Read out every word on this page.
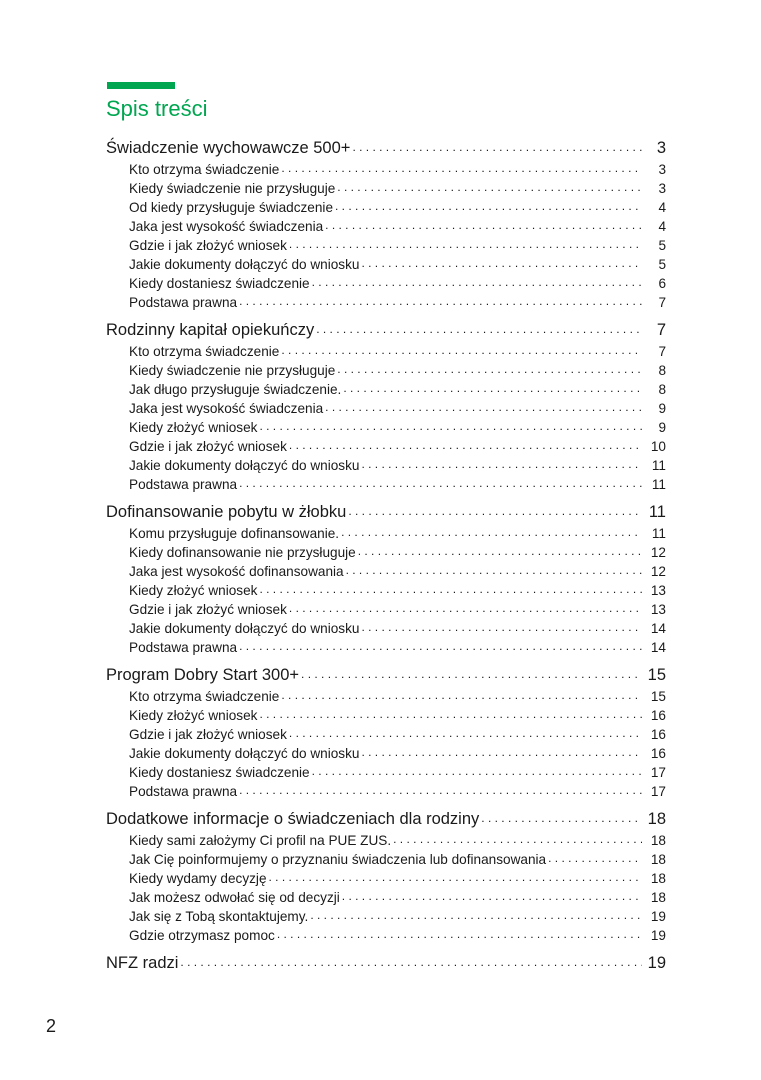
Spis treści
Świadczenie wychowawcze 500+ . . .	3
Kto otrzyma świadczenie . . .	3
Kiedy świadczenie nie przysługuje . . .	3
Od kiedy przysługuje świadczenie . . .	4
Jaka jest wysokość świadczenia . . .	4
Gdzie i jak złożyć wniosek . . .	5
Jakie dokumenty dołączyć do wniosku . . .	5
Kiedy dostaniesz świadczenie . . .	6
Podstawa prawna . . .	7
Rodzinny kapitał opiekuńczy . . .	7
Kto otrzyma świadczenie . . .	7
Kiedy świadczenie nie przysługuje . . .	8
Jak długo przysługuje świadczenie. . . .	8
Jaka jest wysokość świadczenia . . .	9
Kiedy złożyć wniosek . . .	9
Gdzie i jak złożyć wniosek . . .	10
Jakie dokumenty dołączyć do wniosku . . .	11
Podstawa prawna . . .	11
Dofinansowanie pobytu w żłobku . . .	11
Komu przysługuje dofinansowanie. . . .	11
Kiedy dofinansowanie nie przysługuje . . .	12
Jaka jest wysokość dofinansowania . . .	12
Kiedy złożyć wniosek . . .	13
Gdzie i jak złożyć wniosek . . .	13
Jakie dokumenty dołączyć do wniosku . . .	14
Podstawa prawna . . .	14
Program Dobry Start 300+ . . .	15
Kto otrzyma świadczenie . . .	15
Kiedy złożyć wniosek . . .	16
Gdzie i jak złożyć wniosek . . .	16
Jakie dokumenty dołączyć do wniosku . . .	16
Kiedy dostaniesz świadczenie . . .	17
Podstawa prawna . . .	17
Dodatkowe informacje o świadczeniach dla rodziny . . .	18
Kiedy sami założymy Ci profil na PUE ZUS. . . .	18
Jak Cię poinformujemy o przyznaniu świadczenia lub dofinansowania . . .	18
Kiedy wydamy decyzję . . .	18
Jak możesz odwołać się od decyzji . . .	18
Jak się z Tobą skontaktujemy. . . .	19
Gdzie otrzymasz pomoc . . .	19
NFZ radzi . . .	19
2
